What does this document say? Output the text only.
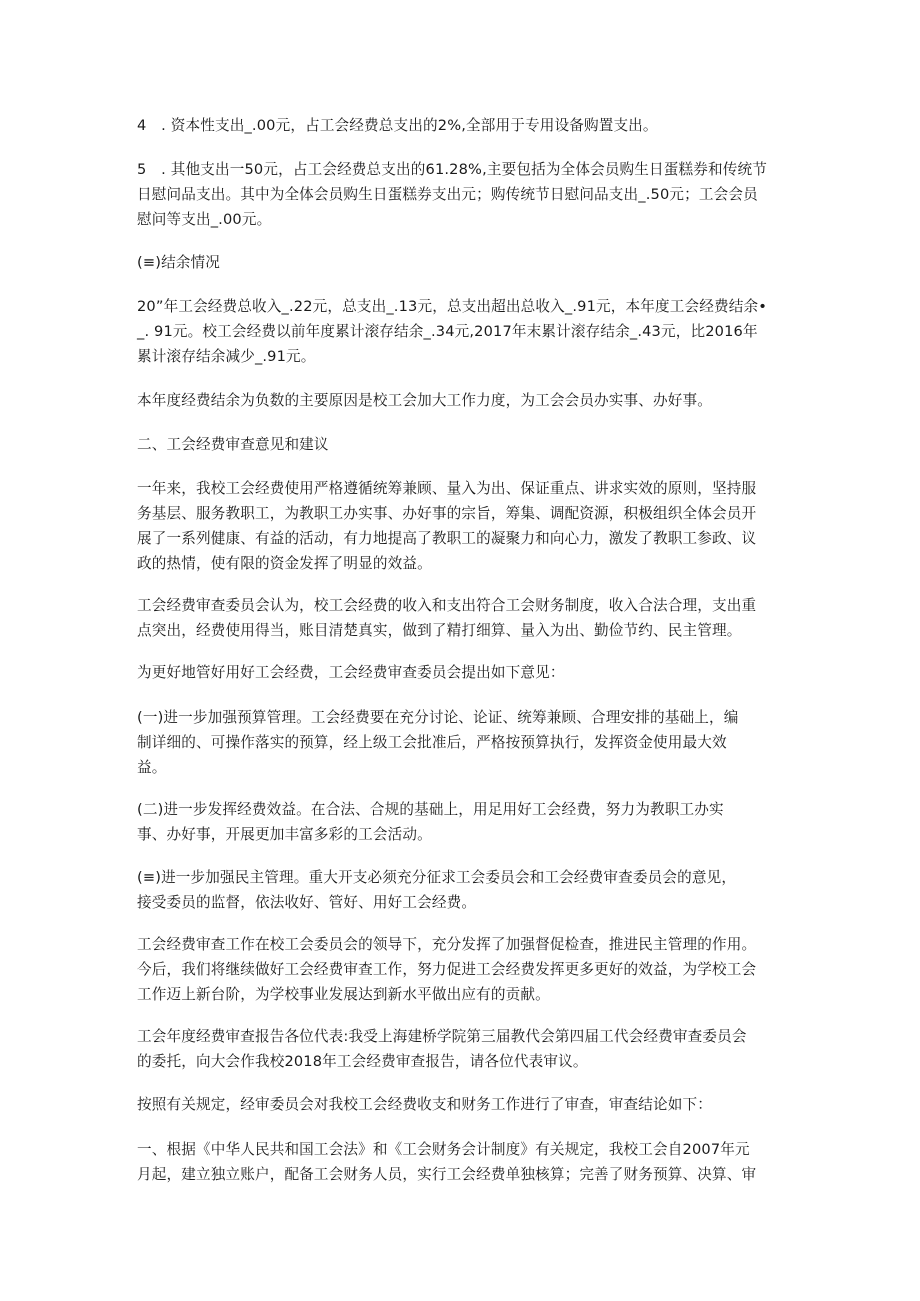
4　. 资本性支出_.00元，占工会经费总支出的2%,全部用于专用设备购置支出。

5　. 其他支出一50元，占工会经费总支出的61.28%,主要包括为全体会员购生日蛋糕券和传统节
日慰问品支出。其中为全体会员购生日蛋糕券支出元；购传统节日慰问品支出_.50元；工会会员
慰问等支出_.00元。

(≡)结余情况

20”年工会经费总收入_.22元，总支出_.13元，总支出超出总收入_.91元，本年度工会经费结余•
_. 91元。校工会经费以前年度累计滚存结余_.34元,2017年末累计滚存结余_.43元，比2016年
累计滚存结余减少_.91元。

本年度经费结余为负数的主要原因是校工会加大工作力度，为工会会员办实事、办好事。

二、工会经费审查意见和建议

一年来，我校工会经费使用严格遵循统筹兼顾、量入为出、保证重点、讲求实效的原则，坚持服
务基层、服务教职工，为教职工办实事、办好事的宗旨，筹集、调配资源，积极组织全体会员开
展了一系列健康、有益的活动，有力地提高了教职工的凝聚力和向心力，激发了教职工参政、议
政的热情，使有限的资金发挥了明显的效益。

工会经费审查委员会认为，校工会经费的收入和支出符合工会财务制度，收入合法合理，支出重
点突出，经费使用得当，账目清楚真实，做到了精打细算、量入为出、勤俭节约、民主管理。

为更好地管好用好工会经费，工会经费审查委员会提出如下意见：

(一)进一步加强预算管理。工会经费要在充分讨论、论证、统筹兼顾、合理安排的基础上，编
制详细的、可操作落实的预算，经上级工会批准后，严格按预算执行，发挥资金使用最大效
益。

(二)进一步发挥经费效益。在合法、合规的基础上，用足用好工会经费，努力为教职工办实
事、办好事，开展更加丰富多彩的工会活动。

(≡)进一步加强民主管理。重大开支必须充分征求工会委员会和工会经费审查委员会的意见，
接受委员的监督，依法收好、管好、用好工会经费。

工会经费审查工作在校工会委员会的领导下，充分发挥了加强督促检查，推进民主管理的作用。
今后，我们将继续做好工会经费审查工作，努力促进工会经费发挥更多更好的效益，为学校工会
工作迈上新台阶，为学校事业发展达到新水平做出应有的贡献。

工会年度经费审查报告各位代表:我受上海建桥学院第三届教代会第四届工代会经费审查委员会
的委托，向大会作我校2018年工会经费审查报告，请各位代表审议。

按照有关规定，经审委员会对我校工会经费收支和财务工作进行了审查，审查结论如下：

一、根据《中华人民共和国工会法》和《工会财务会计制度》有关规定，我校工会自2007年元
月起，建立独立账户，配备工会财务人员，实行工会经费单独核算；完善了财务预算、决算、审
